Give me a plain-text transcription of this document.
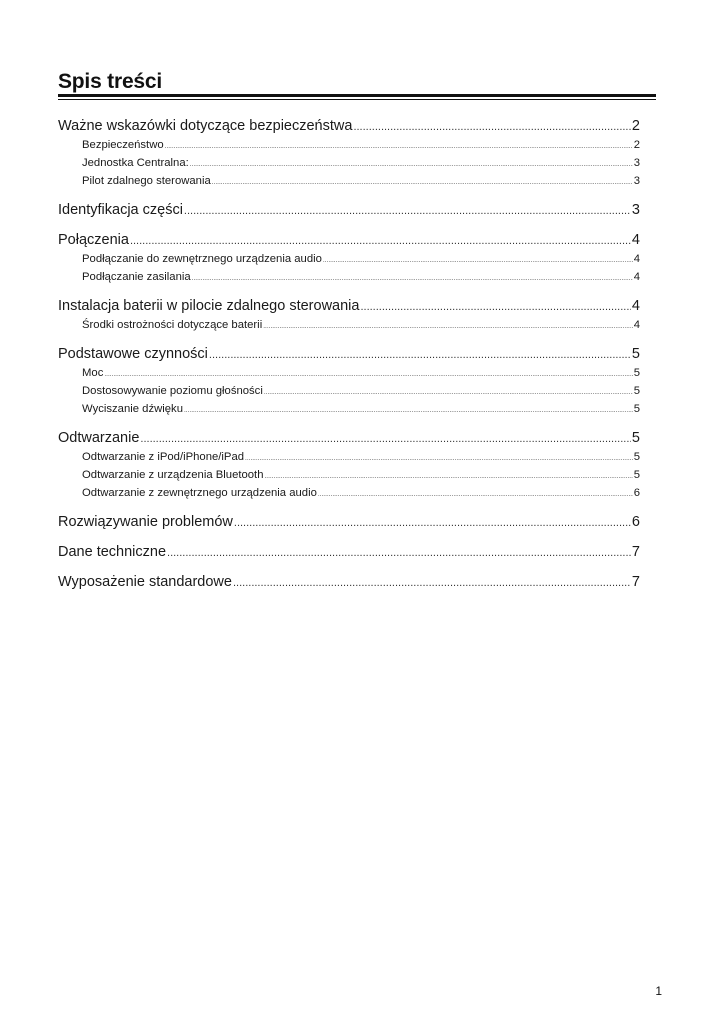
Spis treści
Ważne wskazówki dotyczące bezpieczeństwa .....	2
Bezpieczeństwo .....	2
Jednostka Centralna: .....	3
Pilot zdalnego sterowania .....	3
Identyfikacja części .....	3
Połączenia .....	4
Podłączanie do zewnętrznego urządzenia audio .....	4
Podłączanie zasilania .....	4
Instalacja baterii w pilocie zdalnego sterowania .....	4
Środki ostrożności dotyczące baterii .....	4
Podstawowe czynności .....	5
Moc .....	5
Dostosowywanie poziomu głośności .....	5
Wyciszanie dźwięku .....	5
Odtwarzanie .....	5
Odtwarzanie z iPod/iPhone/iPad .....	5
Odtwarzanie z urządzenia Bluetooth .....	5
Odtwarzanie z zewnętrznego urządzenia audio .....	6
Rozwiązywanie problemów .....	6
Dane techniczne .....	7
Wyposażenie standardowe .....	7
1
